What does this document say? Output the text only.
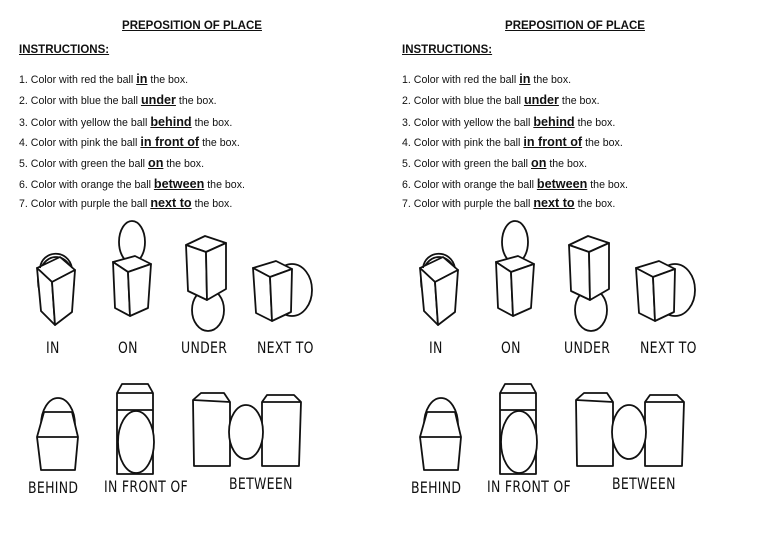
PREPOSITION OF PLACE
INSTRUCTIONS:
1. Color with red the ball in the box.
2. Color with blue the ball under the box.
3. Color with yellow the ball behind the box.
4. Color with pink the ball in front of the box.
5. Color with green the ball on the box.
6. Color with orange the ball between the box.
7. Color with purple the ball next to the box.
IN	ON	UNDER NEXT TO
BEHIND IN FRONT OF	BETWEEN
PREPOSITION OF PLACE
INSTRUCTIONS:
1. Color with red the ball in the box.
2. Color with blue the ball under the box.
3. Color with yellow the ball behind the box.
4. Color with pink the ball in front of the box.
5. Color with green the ball on the box.
6. Color with orange the ball between the box.
7. Color with purple the ball next to the box.
IN	ON	UNDER NEXT TO
BEHIND IN FRONT OF	BETWEEN
